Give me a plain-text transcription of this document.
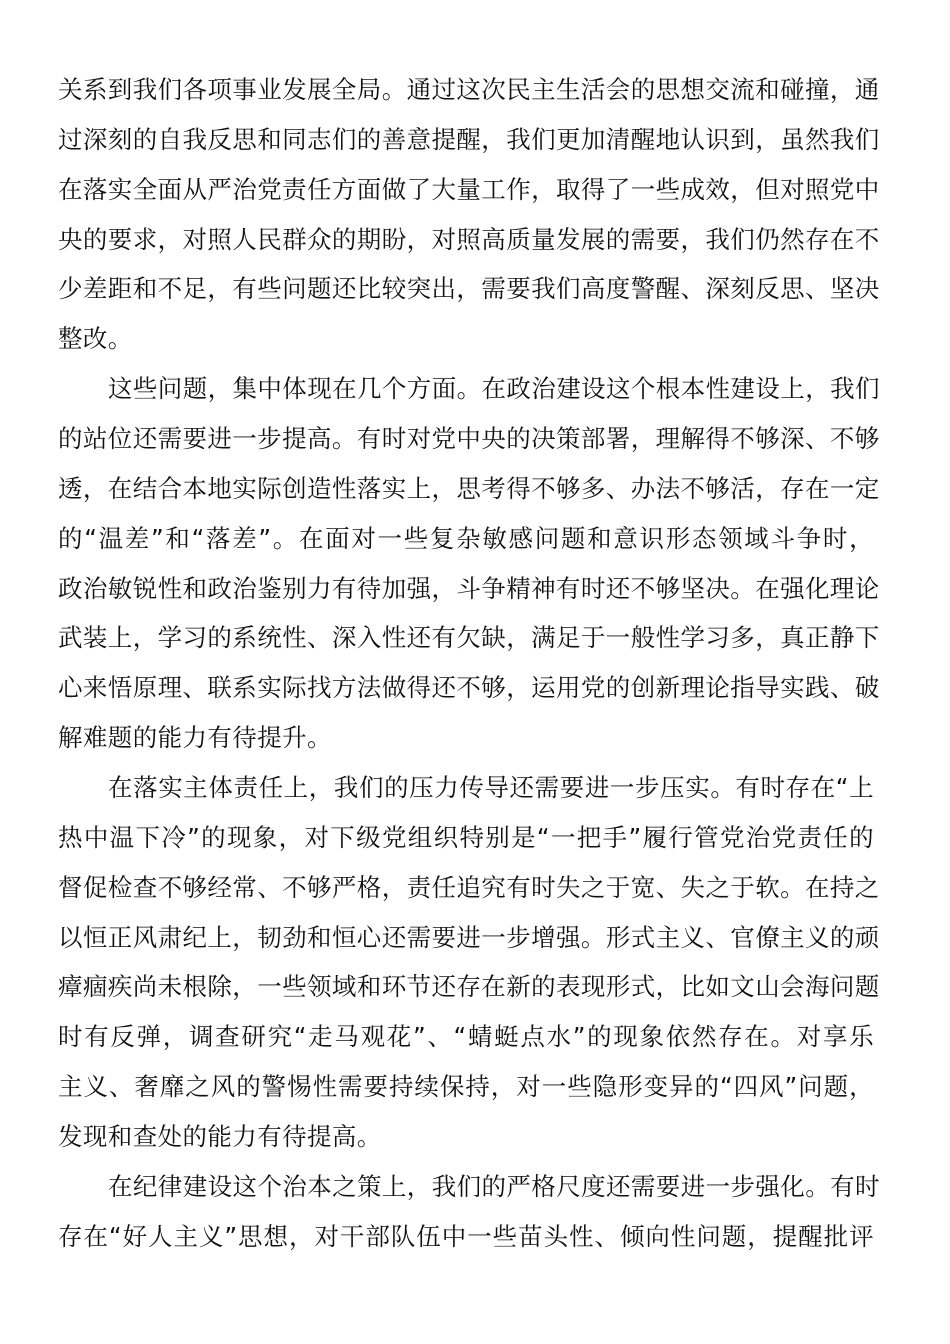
关系到我们各项事业发展全局。通过这次民主生活会的思想交流和碰撞，通
过深刻的自我反思和同志们的善意提醒，我们更加清醒地认识到，虽然我们
在落实全面从严治党责任方面做了大量工作，取得了一些成效，但对照党中
央的要求，对照人民群众的期盼，对照高质量发展的需要，我们仍然存在不
少差距和不足，有些问题还比较突出，需要我们高度警醒、深刻反思、坚决
整改。
这些问题，集中体现在几个方面。在政治建设这个根本性建设上，我们
的站位还需要进一步提高。有时对党中央的决策部署，理解得不够深、不够
透，在结合本地实际创造性落实上，思考得不够多、办法不够活，存在一定
的“温差”和“落差”。在面对一些复杂敏感问题和意识形态领域斗争时，
政治敏锐性和政治鉴别力有待加强，斗争精神有时还不够坚决。在强化理论
武装上，学习的系统性、深入性还有欠缺，满足于一般性学习多，真正静下
心来悟原理、联系实际找方法做得还不够，运用党的创新理论指导实践、破
解难题的能力有待提升。
在落实主体责任上，我们的压力传导还需要进一步压实。有时存在“上
热中温下冷”的现象，对下级党组织特别是“一把手”履行管党治党责任的
督促检查不够经常、不够严格，责任追究有时失之于宽、失之于软。在持之
以恒正风肃纪上，韧劲和恒心还需要进一步增强。形式主义、官僚主义的顽
瘴痼疾尚未根除，一些领域和环节还存在新的表现形式，比如文山会海问题
时有反弹，调查研究“走马观花”、“蜻蜓点水”的现象依然存在。对享乐
主义、奢靡之风的警惕性需要持续保持，对一些隐形变异的“四风”问题，
发现和查处的能力有待提高。
在纪律建设这个治本之策上，我们的严格尺度还需要进一步强化。有时
存在“好人主义”思想，对干部队伍中一些苗头性、倾向性问题，提醒批评
